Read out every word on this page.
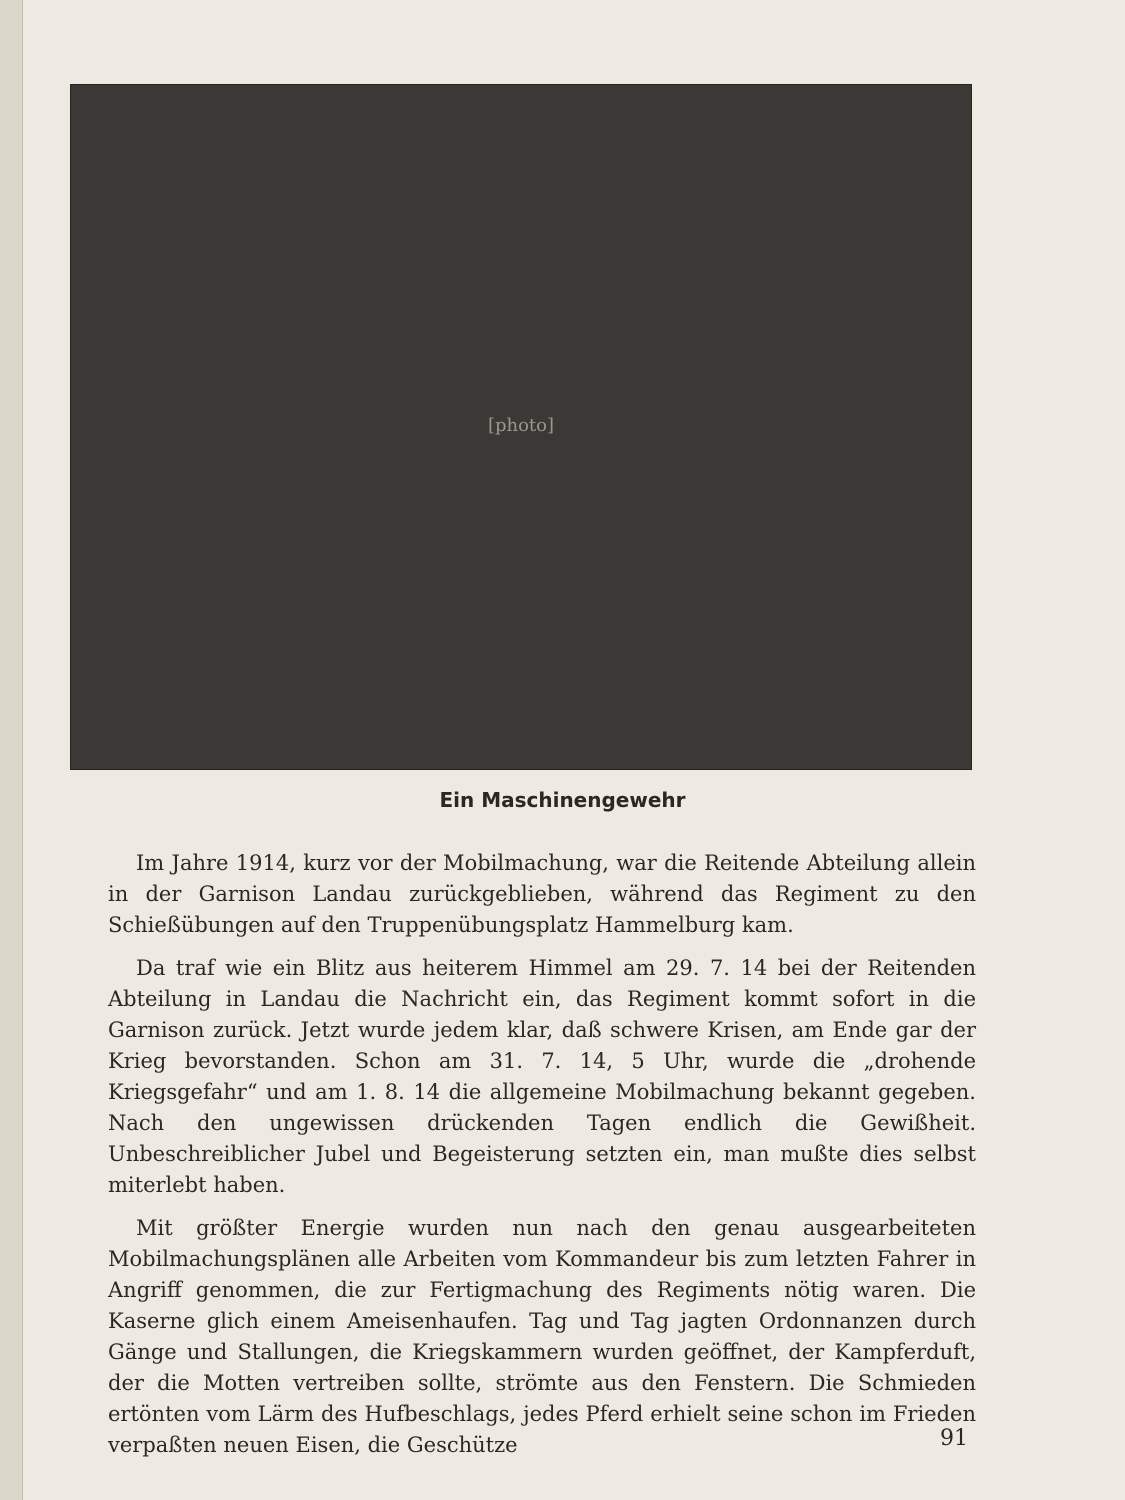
[photo]
Ein Maschinengewehr

Im Jahre 1914, kurz vor der Mobilmachung, war die Reitende Abteilung allein in der Garnison Landau zurückgeblieben, während das Regiment zu den Schießübungen auf den Truppenübungsplatz Hammelburg kam.

Da traf wie ein Blitz aus heiterem Himmel am 29. 7. 14 bei der Reitenden Abteilung in Landau die Nachricht ein, das Regiment kommt sofort in die Garnison zurück. Jetzt wurde jedem klar, daß schwere Krisen, am Ende gar der Krieg bevorstanden. Schon am 31. 7. 14, 5 Uhr, wurde die „drohende Kriegsgefahr“ und am 1. 8. 14 die allgemeine Mobilmachung bekannt gegeben. Nach den ungewissen drückenden Tagen endlich die Gewißheit. Unbeschreiblicher Jubel und Begeisterung setzten ein, man mußte dies selbst miterlebt haben.

Mit größter Energie wurden nun nach den genau ausgearbeiteten Mobilmachungsplänen alle Arbeiten vom Kommandeur bis zum letzten Fahrer in Angriff genommen, die zur Fertigmachung des Regiments nötig waren. Die Kaserne glich einem Ameisenhaufen. Tag und Tag jagten Ordonnanzen durch Gänge und Stallungen, die Kriegskammern wurden geöffnet, der Kampferduft, der die Motten vertreiben sollte, strömte aus den Fenstern. Die Schmieden ertönten vom Lärm des Hufbeschlags, jedes Pferd erhielt seine schon im Frieden verpaßten neuen Eisen, die Geschütze	91
